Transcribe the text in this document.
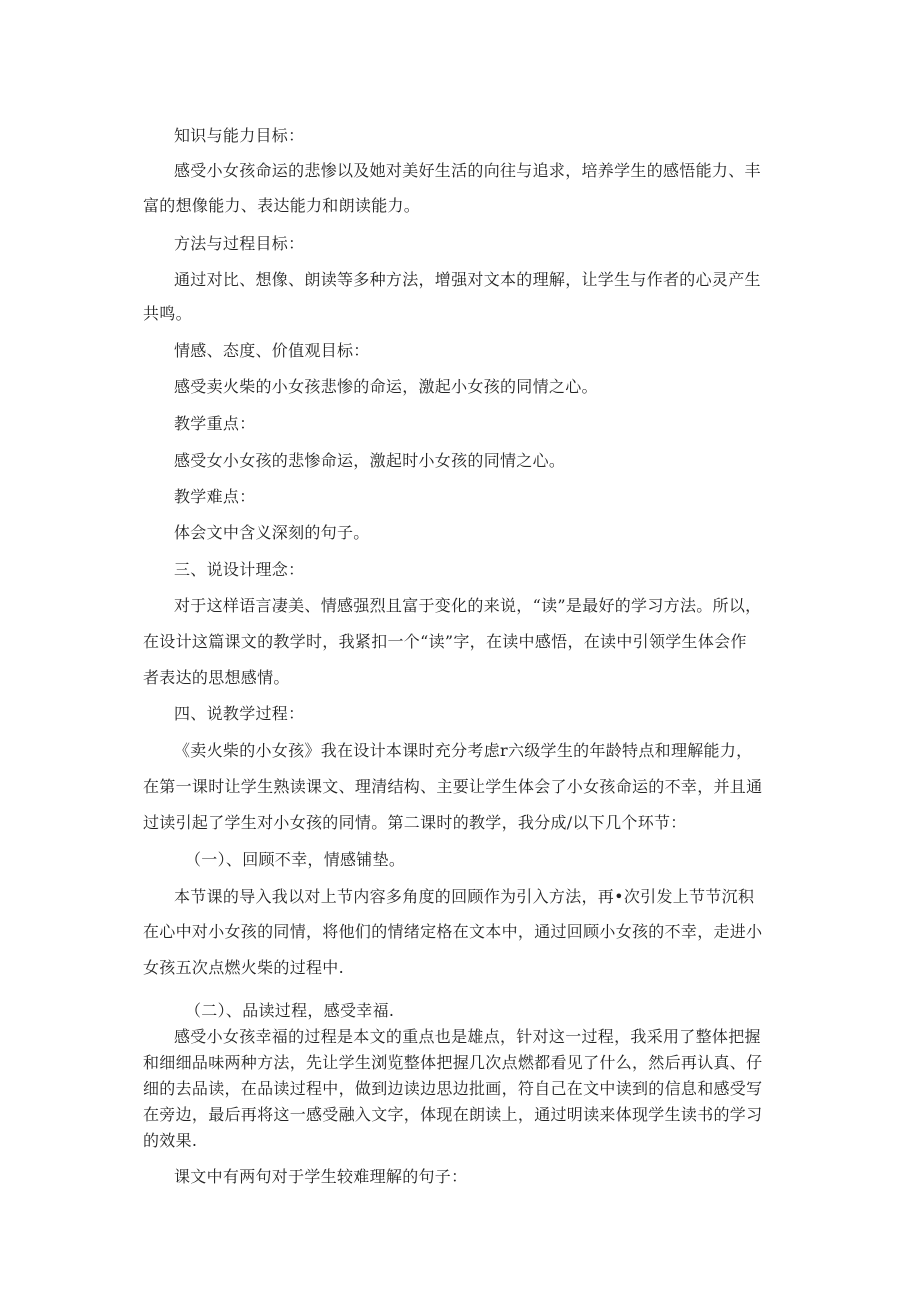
知识与能力目标：
感受小女孩命运的悲惨以及她对美好生活的向往与追求，培养学生的感悟能力、丰
富的想像能力、表达能力和朗读能力。
方法与过程目标：
通过对比、想像、朗读等多种方法，增强对文本的理解，让学生与作者的心灵产生
共鸣。
情感、态度、价值观目标：
感受卖火柴的小女孩悲惨的命运，激起小女孩的同情之心。
教学重点：
感受女小女孩的悲惨命运，激起时小女孩的同情之心。
教学难点：
体会文中含义深刻的句子。
三、说设计理念：
对于这样语言凄美、情感强烈且富于变化的来说，“读”是最好的学习方法。所以，
在设计这篇课文的教学时，我紧扣一个“读”字，在读中感悟，在读中引领学生体会作
者表达的思想感情。
四、说教学过程：
《卖火柴的小女孩》我在设计本课时充分考虑r六级学生的年龄特点和理解能力，
在第一课时让学生熟读课文、理清结构、主要让学生体会了小女孩命运的不幸，并且通
过读引起了学生对小女孩的同情。第二课时的教学，我分成/以下几个环节：
（一）、回顾不幸，情感铺垫。
本节课的导入我以对上节内容多角度的回顾作为引入方法，再•次引发上节节沉积
在心中对小女孩的同情，将他们的情绪定格在文本中，通过回顾小女孩的不幸，走进小
女孩五次点燃火柴的过程中.
（二）、品读过程，感受幸福.
感受小女孩幸福的过程是本文的重点也是雄点，针对这一过程，我采用了整体把握
和细细品味两种方法，先让学生浏览整体把握几次点燃都看见了什么，然后再认真、仔
细的去品读，在品读过程中，做到边读边思边批画，符自己在文中读到的信息和感受写
在旁边，最后再将这一感受融入文字，体现在朗读上，通过明读来体现学生读书的学习
的效果.
课文中有两句对于学生较难理解的句子：
